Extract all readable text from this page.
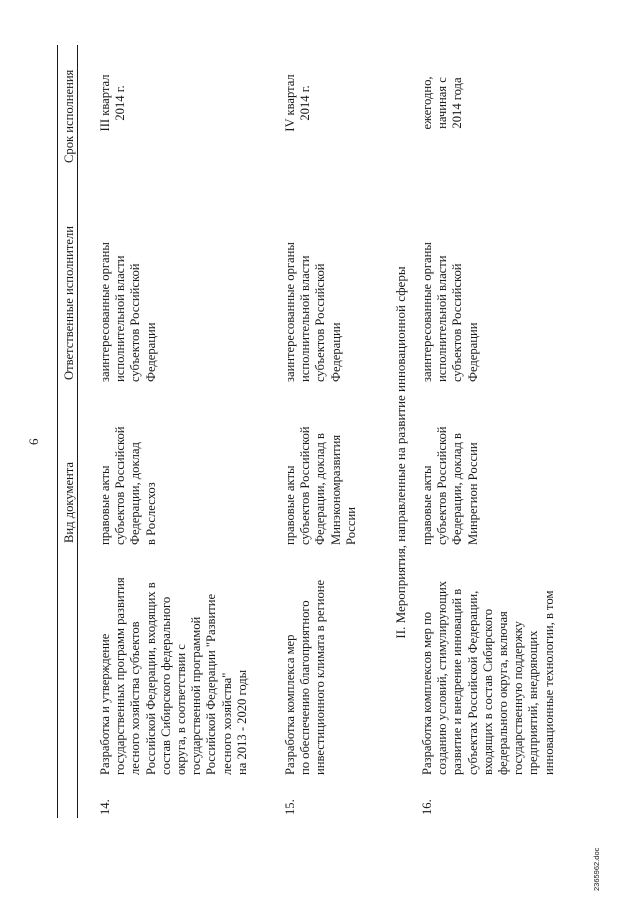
6
Вид документа
Ответственные исполнители
Срок исполнения
14.
Разработка и утверждение государственных программ развития лесного хозяйства субъектов Российской Федерации, входящих в состав Сибирского федерального округа, в соответствии с государственной программой Российской Федерации "Развитие лесного хозяйства" на 2013 - 2020 годы
правовые акты субъектов Российской Федерации, доклад в Рослесхоз
заинтересованные органы исполнительной власти субъектов Российской Федерации
III квартал 2014 г.
15.
Разработка комплекса мер по обеспечению благоприятного инвестиционного климата в регионе
правовые акты субъектов Российской Федерации, доклад в Минэкономразвития России
заинтересованные органы исполнительной власти субъектов Российской Федерации
IV квартал 2014 г.
II. Мероприятия, направленные на развитие инновационной сферы
16.
Разработка комплексов мер по созданию условий, стимулирующих развитие и внедрение инноваций в субъектах Российской Федерации, входящих в состав Сибирского федерального округа, включая государственную поддержку предприятий, внедряющих инновационные технологии, в том
правовые акты субъектов Российской Федерации, доклад в Минрегион России
заинтересованные органы исполнительной власти субъектов Российской Федерации
ежегодно, начиная с 2014 года
2365962.doc
